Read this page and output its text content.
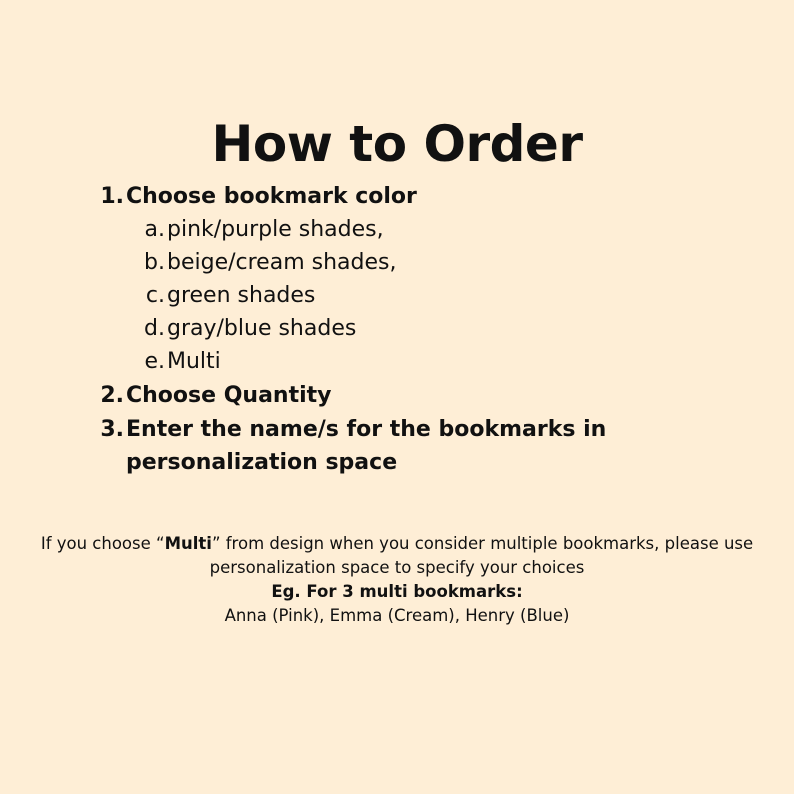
How to Order
1. Choose bookmark color
a. pink/purple shades,
b. beige/cream shades,
c. green shades
d. gray/blue shades
e. Multi
2. Choose Quantity
3. Enter the name/s for the bookmarks in
personalization space
If you choose “Multi” from design when you consider multiple bookmarks, please use
personalization space to specify your choices
Eg. For 3 multi bookmarks:
Anna (Pink), Emma (Cream), Henry (Blue)
